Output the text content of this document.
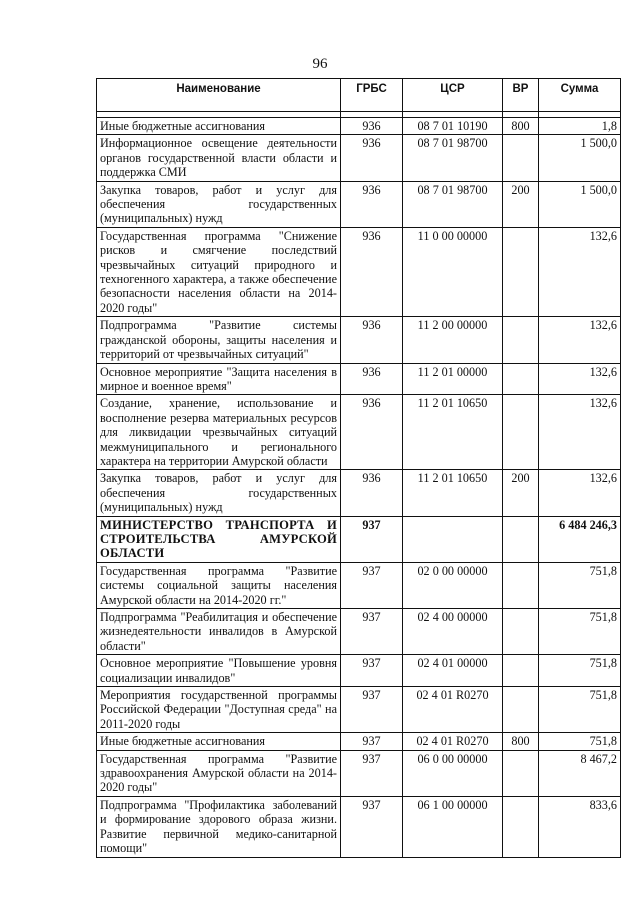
96
Наименование	ГРБС	ЦСР	ВР	Сумма

Иные бюджетные ассигнования	936	08 7 01 10190	800	1,8
Информационное освещение деятельности органов государственной власти области и поддержка СМИ	936	08 7 01 98700		1 500,0
Закупка товаров, работ и услуг для обеспечения государственных (муниципальных) нужд	936	08 7 01 98700	200	1 500,0
Государственная программа "Снижение рисков и смягчение последствий чрезвычайных ситуаций природного и техногенного характера, а также обеспечение безопасности населения области на 2014-2020 годы"	936	11 0 00 00000		132,6
Подпрограмма "Развитие системы гражданской обороны, защиты населения и территорий от чрезвычайных ситуаций"	936	11 2 00 00000		132,6
Основное мероприятие "Защита населения в мирное и военное время"	936	11 2 01 00000		132,6
Создание, хранение, использование и восполнение резерва материальных ресурсов для ликвидации чрезвычайных ситуаций межмуниципального и регионального характера на территории Амурской области	936	11 2 01 10650		132,6
Закупка товаров, работ и услуг для обеспечения государственных (муниципальных) нужд	936	11 2 01 10650	200	132,6
МИНИСТЕРСТВО ТРАНСПОРТА И СТРОИТЕЛЬСТВА АМУРСКОЙ ОБЛАСТИ	937			6 484 246,3
Государственная программа "Развитие системы социальной защиты населения Амурской области на 2014-2020 гг."	937	02 0 00 00000		751,8
Подпрограмма "Реабилитация и обеспечение жизнедеятельности инвалидов в Амурской области"	937	02 4 00 00000		751,8
Основное мероприятие "Повышение уровня социализации инвалидов"	937	02 4 01 00000		751,8
Мероприятия государственной программы Российской Федерации "Доступная среда" на 2011-2020 годы	937	02 4 01 R0270		751,8
Иные бюджетные ассигнования	937	02 4 01 R0270	800	751,8
Государственная программа "Развитие здравоохранения Амурской области на 2014-2020 годы"	937	06 0 00 00000		8 467,2
Подпрограмма "Профилактика заболеваний и формирование здорового образа жизни. Развитие первичной медико-санитарной помощи"	937	06 1 00 00000		833,6
